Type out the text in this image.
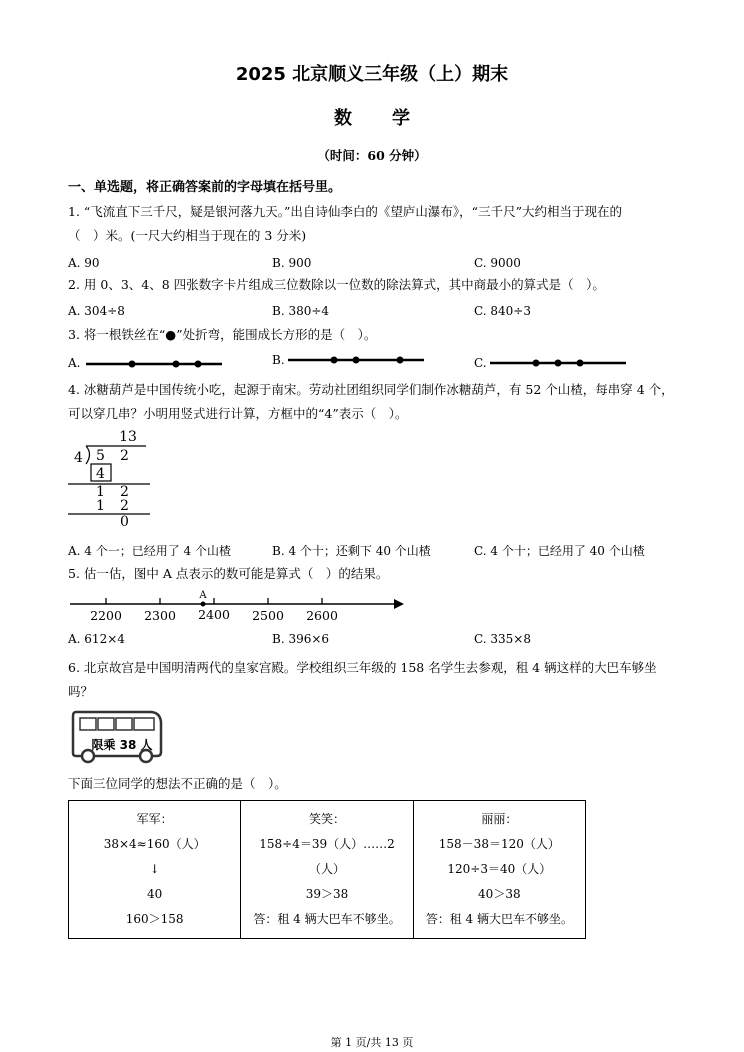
2025 北京顺义三年级（上）期末
数学
（时间：60 分钟）
一、单选题，将正确答案前的字母填在括号里。
1. “飞流直下三千尺，疑是银河落九天。”出自诗仙李白的《望庐山瀑布》，“三千尺”大约相当于现在的
（　）米。(一尺大约相当于现在的 3 分米)
A. 90	B. 900	C. 9000
2. 用 0、3、4、8 四张数字卡片组成三位数除以一位数的除法算式，其中商最小的算式是（　）。
A. 304÷8	B. 380÷4	C. 840÷3
3. 将一根铁丝在“●”处折弯，能围成长方形的是（　）。
A.	B.	C.
4. 冰糖葫芦是中国传统小吃，起源于南宋。劳动社团组织同学们制作冰糖葫芦，有 52 个山楂，每串穿 4 个，
可以穿几串？小明用竖式进行计算，方框中的“4”表示（　）。
1 3
4 5 2
4
1 2
1 2
0
A. 4 个一；已经用了 4 个山楂	B. 4 个十；还剩下 40 个山楂	C. 4 个十；已经用了 40 个山楂
5. 估一估，图中 A 点表示的数可能是算式（　）的结果。
A
2200 2300 2400 2500 2600
A. 612×4	B. 396×6	C. 335×8
6. 北京故宫是中国明清两代的皇家宫殿。学校组织三年级的 158 名学生去参观，租 4 辆这样的大巴车够坐
吗？
限乘 38 人
下面三位同学的想法不正确的是（　）。
军军：
38×4≈160（人）
↓
40
160＞158

笑笑：
158÷4＝39（人）……2
（人）
39＞38
答：租 4 辆大巴车不够坐。

丽丽：
158－38＝120（人）
120÷3＝40（人）
40＞38
答：租 4 辆大巴车不够坐。
第 1 页/共 13 页
